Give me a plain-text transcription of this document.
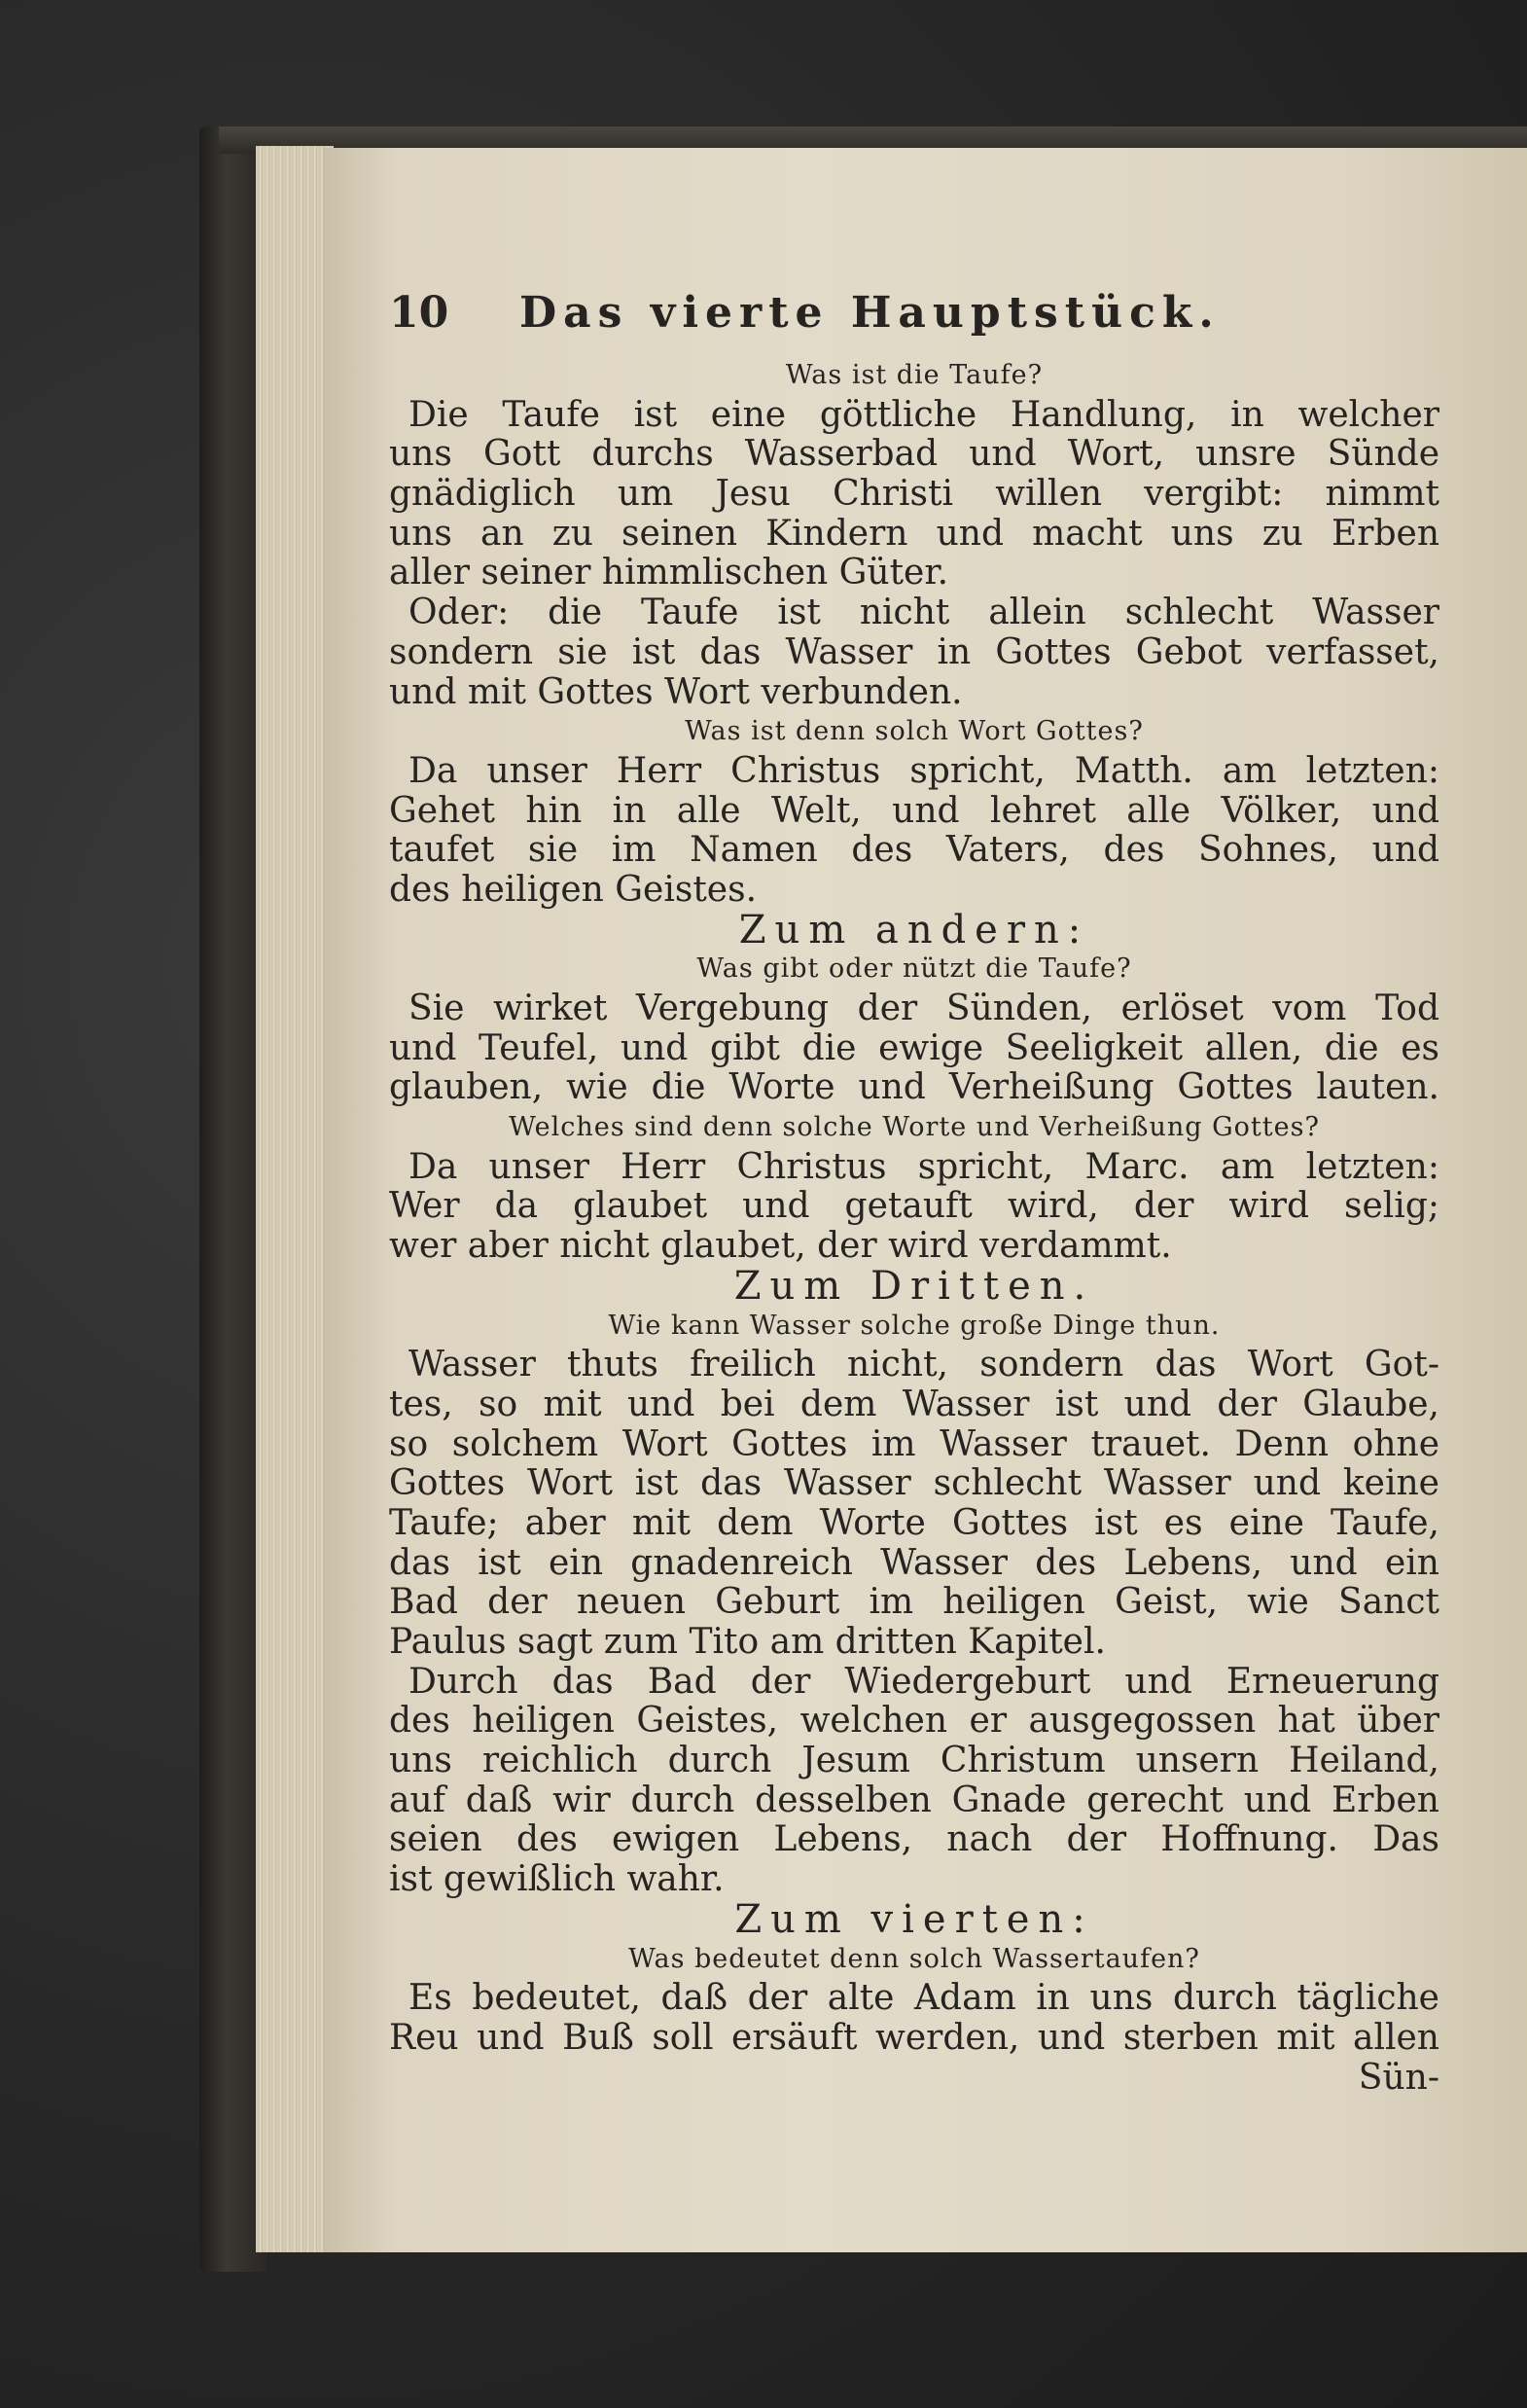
10	Das vierte Hauptstück.
Was ist die Taufe?
Die Taufe ist eine göttliche Handlung, in welcher
uns Gott durchs Wasserbad und Wort, unsre Sünde
gnädiglich um Jesu Christi willen vergibt: nimmt
uns an zu seinen Kindern und macht uns zu Erben
aller seiner himmlischen Güter.
Oder: die Taufe ist nicht allein schlecht Wasser
sondern sie ist das Wasser in Gottes Gebot verfasset,
und mit Gottes Wort verbunden.
Was ist denn solch Wort Gottes?
Da unser Herr Christus spricht, Matth. am letzten:
Gehet hin in alle Welt, und lehret alle Völker, und
taufet sie im Namen des Vaters, des Sohnes, und
des heiligen Geistes.
Zum andern:
Was gibt oder nützt die Taufe?
Sie wirket Vergebung der Sünden, erlöset vom Tod
und Teufel, und gibt die ewige Seeligkeit allen, die es
glauben, wie die Worte und Verheißung Gottes lauten.
Welches sind denn solche Worte und Verheißung Gottes?
Da unser Herr Christus spricht, Marc. am letzten:
Wer da glaubet und getauft wird, der wird selig;
wer aber nicht glaubet, der wird verdammt.
Zum Dritten.
Wie kann Wasser solche große Dinge thun.
Wasser thuts freilich nicht, sondern das Wort Got-
tes, so mit und bei dem Wasser ist und der Glaube,
so solchem Wort Gottes im Wasser trauet. Denn ohne
Gottes Wort ist das Wasser schlecht Wasser und keine
Taufe; aber mit dem Worte Gottes ist es eine Taufe,
das ist ein gnadenreich Wasser des Lebens, und ein
Bad der neuen Geburt im heiligen Geist, wie Sanct
Paulus sagt zum Tito am dritten Kapitel.
Durch das Bad der Wiedergeburt und Erneuerung
des heiligen Geistes, welchen er ausgegossen hat über
uns reichlich durch Jesum Christum unsern Heiland,
auf daß wir durch desselben Gnade gerecht und Erben
seien des ewigen Lebens, nach der Hoffnung. Das
ist gewißlich wahr.
Zum vierten:
Was bedeutet denn solch Wassertaufen?
Es bedeutet, daß der alte Adam in uns durch tägliche
Reu und Buß soll ersäuft werden, und sterben mit allen
Sün-
